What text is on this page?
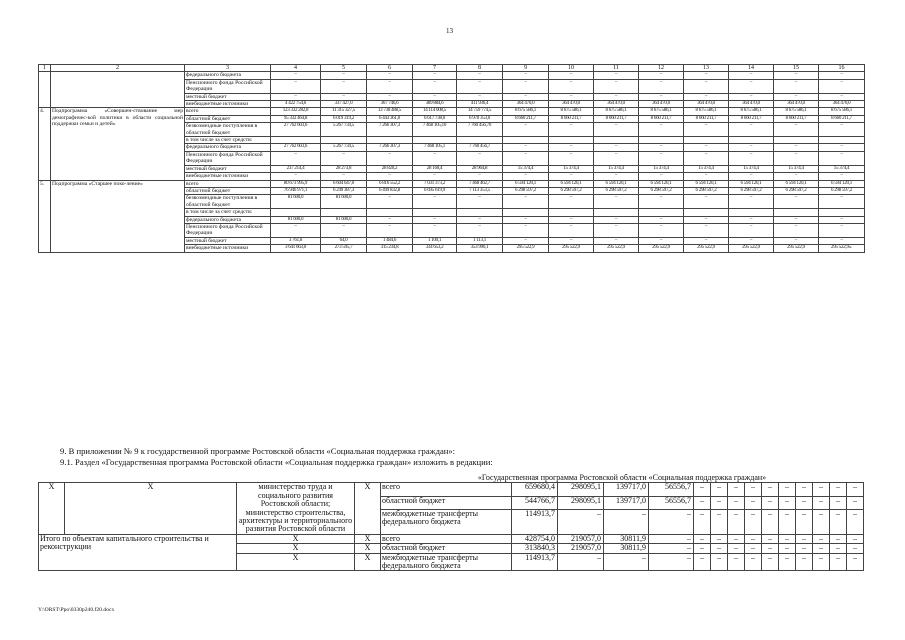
13
1	2	3	4	5	6	7	8	9	10	11	12	13	14	15	16
		федерального бюджета	–	–	–	–	–	–	–	–	–	–	–	–	–
		Пенсионного фонда Российской Федерации	–	–	–	–	–	–	–	–	–	–	–	–	–
		местный бюджет	–	–	–	–	–	–	–	–	–	–	–	–	–
		внебюджетные источники	4 422 754,6	337 427,0	367 746,6	389 884,6	411 936,4	364 470,0	364 470,0	364 470,0	364 470,0	364 470,0	364 470,0	364 470,0	364 470,0
4.	Подпрограмма «Совершен-ствование мер демографичес-кой политики в области социальной поддержки семьи и детей»	всего	123 332 282,8	11 315 327,5	13 738 488,5	14 114 008,5	14 759 774,5	8 675 586,1	8 675 586,1	8 675 586,1	8 675 586,1	8 675 586,1	8 675 586,1	8 675 586,1	8 675 586,1
		областной бюджет	95 332 464,8	6 019 319,2	6 443 361,0	6 617 738,0	6 970 353,0	8 660 211,7	8 660 211,7	8 660 211,7	8 660 211,7	8 660 211,7	8 660 211,7	8 660 211,7	8 660 211,7
		безвозмездные поступления в областной бюджет	27 762 603,6	5 267 734,5	7 266 307,3	7 468 105,10	7 760 456,70	–	–	–	–	–	–	–	–
		в том числе за счет средств:													
		федерального бюджета	27 762 603,6	5 267 734,5	7 266 307,3	7 468 105,1	7 760 456,7	–	–	–	–	–	–	–	–
		Пенсионного фонда Российской Федерации	–	–	–	–	–	–	–	–	–	–	–	–	–
		местный бюджет	237 214,4	28 273,8	28 820,2	28 160,4	28 964,8	15 374,4	15 374,4	15 374,4	15 374,4	15 374,4	15 374,4	15 374,4	15 374,4
		внебюджетные источники	–	–	–	–	–	–	–	–	–	–	–	–	–
5.	Подпрограмма «Старшее поко-ление»	всего	80 673 995,9	6 604 647,0	6 816 552,2	7 031 373,2	7 468 462,7	6 594 120,1	6 594 120,1	6 594 120,1	6 594 120,1	6 594 120,1	6 594 120,1	6 594 120,1	6 594 120,1
		областной бюджет	76 946 971,1	6 249 387,3	6 499 832,8	6 695 619,9	7 113 353,5	6 298 597,2	6 298 597,2	6 298 597,2	6 298 597,2	6 298 597,2	6 298 597,2	6 298 597,2	6 298 597,2
		безвозмездные поступления в областной бюджет	81 600,0	81 600,0	–	–	–	–	–	–	–	–	–	–	–
		в том числе за счет средств:													
		федерального бюджета	81 600,0	81 600,0	–	–	–	–	–	–	–	–	–	–	–
		Пенсионного фонда Российской Федерации	–	–	–	–	–	–	–	–	–	–	–	–	–
		местный бюджет	3 761,8	64,0	1 484,6	1 100,1	1 113,1	–	–	–	–	–	–	–	–
		внебюджетные источники	3 641 663,0	273 595,7	315 234,8	334 653,2	353 996,1	295 522,9	295 522,9	295 522,9	295 522,9	295 522,9	295 522,9	295 522,9	295 522,9».
9. В приложении № 9 к государственной программе Ростовской области «Социальная поддержка граждан»:
9.1. Раздел «Государственная программа Ростовской области «Социальная поддержка граждан» изложить в редакции:
				«Государственная программа Ростовской области «Социальная поддержка граждан»														
X	X	министерство труда и социального развития Ростовской области; министерство строительства, архитектуры и территориального развития Ростовской области	X	всего	659680,4	298095,1	139717,0	56556,7	–	–	–	–	–	–	–	–	–	–
				областной бюджет	544766,7	298095,1	139717,0	56556,7	–	–	–	–	–	–	–	–	–	–
				межбюджетные трансферты федерального бюджета	114913,7	–	–	–	–	–	–	–	–	–	–	–	–	–
Итого по объектам капитального строительства и реконструкции		X	X	всего	428754,0	219057,0	30811,9	–	–	–	–	–	–	–	–	–	–	–
		X	X	областной бюджет	313840,3	219057,0	30811,9	–	–	–	–	–	–	–	–	–	–	–
		X	X	межбюджетные трансферты федерального бюджета	114913,7	–	–	–	–	–	–	–	–	–	–	–	–	–
Y:\ORST\Ppo\0330p240.f20.docx
